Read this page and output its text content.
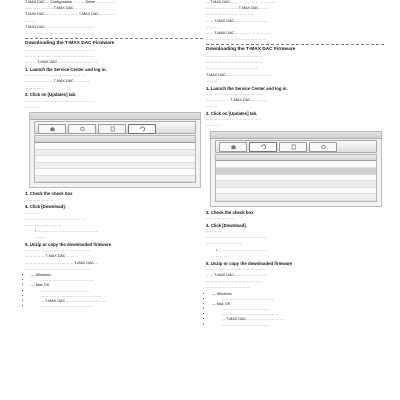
T-MAX DAC ... Configuration ... ... ... Driver ... ... ... ... ...

... ... ... ... ... ... ... T-MAX DAC ... ... ...

T-MAX DAC ... ... ... ... ... ... ... ... T-MAX DAC ... ... ... ...

... ... ...

T-MAX DAC ... ... ... ... ... ... ... ... ... ... ... ...

... ... ... ... ... ... ... ... ... ... ... ... ... ... ...

Downloading the T-MAX DAC Firmware

... ... ... ... ... ... ... ... ... ... ... ... ... ... ... ... ...

... ... ... ... ... ... ... ... ... ... ... ... ... ... ... ... ...

... ... ... T-MAX DAC ... ... ... ... ... ... ... ... ... ...

1. Launch the Service Center and log in.

... ... ... ... ... ... ... ... ... ... ... ... ... ... ...

... ... ... ... ... ... ... T-MAX DAC ... ... ... ...

... ... ... ... ...

2. Click on [Updates] tab.

... ... ... ... ... ... ... ... ... ... ... ... ... ... ... ... ...

... ... ... ...

3. Check the check box

... ... ... ... ... ... ...

4. Click [Download].

... ... ... ...

... ... ... ... ... ... ... ... ... ... ... ... ... ... ...

... ... ... ... ... ... ... ... ...

• ... ... ... ... ... ... ... ... ... ... ... ... ... ... ...

... ... ...

5. Unzip or copy the downloaded firmware

... ... ... ... ... ... ... ... ... ... ... ... ... ... ... ...

... ... ... ... ... T-MAX DAC ... ... ...

... ... ... ... ... ... ... ... ... ... ... ... T-MAX DAC ...

... ... ... ... ... ... ... ... ... ... ... ... ... ... ... ...

• — Windows
• ... ... ... ... ... ... ... ... ... ... ... ... ...
• — Mac OS
• ... ... ... ... ... ... ... ... ... ... ... ...
• ... ... ... ... ... ... ... ... ... ... ... ... ... ... ...
• ... T-MAX DAC ... ... ... ... ... ... ... ... ... ...
• ... ... ... ... ... ... ... ... ... ... ... ... ...

... T-MAX DAC ... ... ... ... ... ... ... ... ... ... ...

... ... ... ... ... ... ... ... T-MAX DAC ... ...

... ... ... ... ... ... ... ... ... ... ... ...

... ... T-MAX DAC ... ... ... ... ... ... ... ...

... ... ...

... ... T-MAX DAC ... ... ... ... ... ... ... ... ...

... ... ... ... ... ... ... ... ... ... ... ... ... ... ...

Downloading the T-MAX DAC Firmware

... ... ... ... ... ... ... ... ... ... ... ... ... ...

... ... ... ... ... ... ... ... ... ... ... ... ... ...

... ... ... ... ... ... ... ... ... ... ... ... ...

T-MAX DAC ... ... ... ... ... ... ... ... ... ... ...

... ... ...

1. Launch the Service Center and log in.

... ... ... ... ... ... ... ... ... ... ... ... ... ...

... ... ... ... ... ... T-MAX DAC ... ... ... ...

... ... ...

2. Click on [Updates] tab.

... ... ... ... ... ... ... ... ... ... ... ... ... ...

... ... ... ...

3. Check the check box

... ... ... ... ... ... ...

4. Click [Download].

... ... ... ...

... ... ... ... ... ... ... ... ... ... ... ... ... ... ...

... ... ... ... ... ... ... ... ...

• ... ... ... ... ... ... ... ... ... ... ... ...

... ... ...

5. Unzip or copy the downloaded firmware

... ... ... ... ... ... ... ... ... ... ... ... ... ... ...

... ... T-MAX DAC ... ... ... ... ... ... ... ...

... ... ... ... ... ... ... ... ... ... ... ... ... ...

... ... ... ... ... ... ... ... ... ... ...

• — Windows
• ... ... ... ... ... ... ... ... ... ... ... ... ...
• — Mac OS
• ... ... ... ... ... ... ... ... ... ... ... ...
• ... ... ... ... ... ... ... ... ... ... ... ... ... ...
• ... T-MAX DAC ... ... ... ... ... ... ... ... ...
• ... ... ... ... ... ... ... ... ... ... ... ...
